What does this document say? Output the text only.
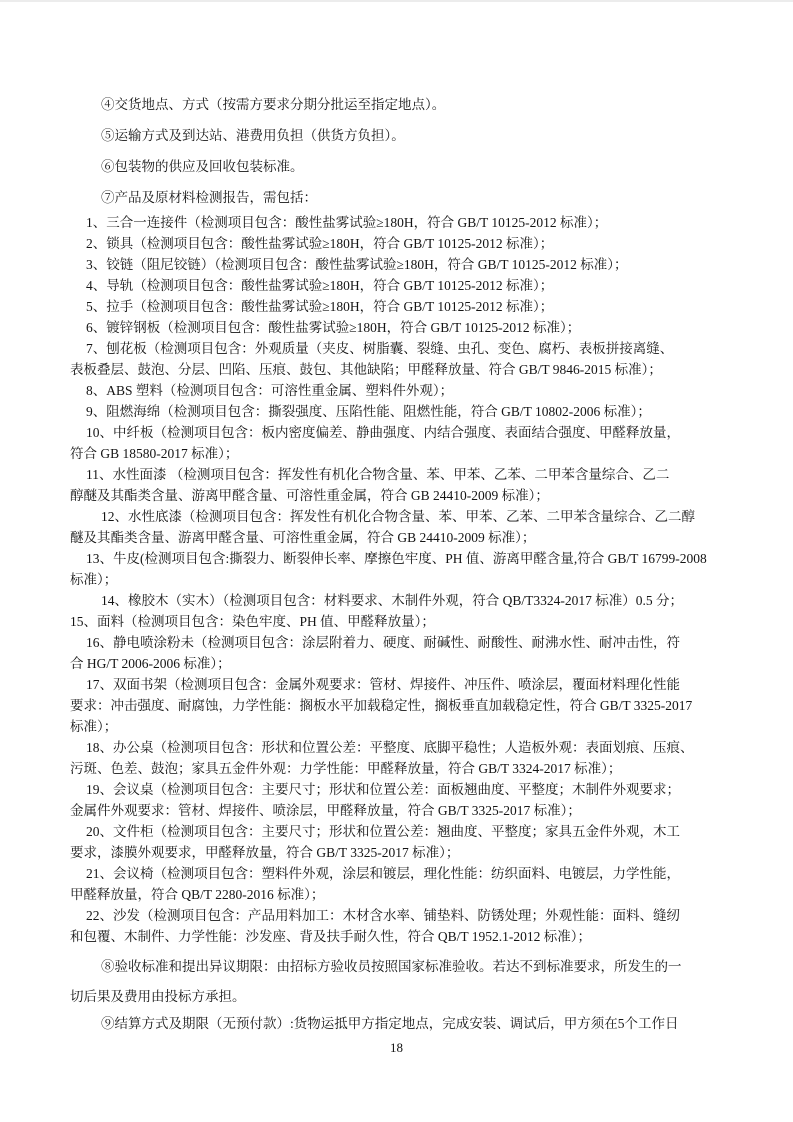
④交货地点、方式（按需方要求分期分批运至指定地点）。
⑤运输方式及到达站、港费用负担（供货方负担）。
⑥包装物的供应及回收包装标准。
⑦产品及原材料检测报告，需包括：
1、三合一连接件（检测项目包含：酸性盐雾试验≥180H，符合 GB/T 10125-2012 标准）；
2、锁具（检测项目包含：酸性盐雾试验≥180H，符合 GB/T 10125-2012 标准）；
3、铰链（阻尼铰链）（检测项目包含：酸性盐雾试验≥180H，符合 GB/T 10125-2012 标准）；
4、导轨（检测项目包含：酸性盐雾试验≥180H，符合 GB/T 10125-2012 标准）；
5、拉手（检测项目包含：酸性盐雾试验≥180H，符合 GB/T 10125-2012 标准）；
6、镀锌钢板（检测项目包含：酸性盐雾试验≥180H，符合 GB/T 10125-2012 标准）；
7、刨花板（检测项目包含：外观质量（夹皮、树脂囊、裂缝、虫孔、变色、腐朽、表板拼接离缝、
表板叠层、鼓泡、分层、凹陷、压痕、鼓包、其他缺陷；甲醛释放量、符合 GB/T 9846-2015 标准）；
8、ABS 塑料（检测项目包含：可溶性重金属、塑料件外观）；
9、阻燃海绵（检测项目包含：撕裂强度、压陷性能、阻燃性能，符合 GB/T 10802-2006 标准）；
10、中纤板（检测项目包含：板内密度偏差、静曲强度、内结合强度、表面结合强度、甲醛释放量，
符合 GB 18580-2017 标准）；
11、水性面漆 （检测项目包含：挥发性有机化合物含量、苯、甲苯、乙苯、二甲苯含量综合、乙二
醇醚及其酯类含量、游离甲醛含量、可溶性重金属，符合 GB 24410-2009 标准）；
12、水性底漆（检测项目包含：挥发性有机化合物含量、苯、甲苯、乙苯、二甲苯含量综合、乙二醇
醚及其酯类含量、游离甲醛含量、可溶性重金属，符合 GB 24410-2009 标准）；
13、牛皮(检测项目包含:撕裂力、断裂伸长率、摩擦色牢度、PH 值、游离甲醛含量,符合 GB/T 16799-2008
标准）；
14、橡胶木（实木）（检测项目包含：材料要求、木制件外观，符合 QB/T3324-2017 标准）0.5 分；
15、面料（检测项目包含：染色牢度、PH 值、甲醛释放量）；
16、静电喷涂粉未（检测项目包含：涂层附着力、硬度、耐碱性、耐酸性、耐沸水性、耐冲击性，符
合 HG/T 2006-2006 标准）；
17、双面书架（检测项目包含：金属外观要求：管材、焊接件、冲压件、喷涂层，覆面材料理化性能
要求：冲击强度、耐腐蚀，力学性能：搁板水平加载稳定性，搁板垂直加载稳定性，符合 GB/T 3325-2017
标准）；
18、办公桌（检测项目包含：形状和位置公差：平整度、底脚平稳性；人造板外观：表面划痕、压痕、
污斑、色差、鼓泡；家具五金件外观：力学性能：甲醛释放量，符合 GB/T 3324-2017 标准）；
19、会议桌（检测项目包含：主要尺寸；形状和位置公差：面板翘曲度、平整度；木制件外观要求；
金属件外观要求：管材、焊接件、喷涂层，甲醛释放量，符合 GB/T 3325-2017 标准）；
20、文件柜（检测项目包含：主要尺寸；形状和位置公差：翘曲度、平整度；家具五金件外观，木工
要求，漆膜外观要求，甲醛释放量，符合 GB/T 3325-2017 标准）；
21、会议椅（检测项目包含：塑料件外观，涂层和镀层，理化性能：纺织面料、电镀层，力学性能，
甲醛释放量，符合 QB/T 2280-2016 标准）；
22、沙发（检测项目包含：产品用料加工：木材含水率、铺垫料、防锈处理；外观性能：面料、缝纫
和包覆、木制件、力学性能：沙发座、背及扶手耐久性，符合 QB/T 1952.1-2012 标准）；
⑧验收标准和提出异议期限：由招标方验收员按照国家标准验收。若达不到标准要求，所发生的一
切后果及费用由投标方承担。
⑨结算方式及期限（无预付款）:货物运抵甲方指定地点，完成安装、调试后，甲方须在5个工作日
18
